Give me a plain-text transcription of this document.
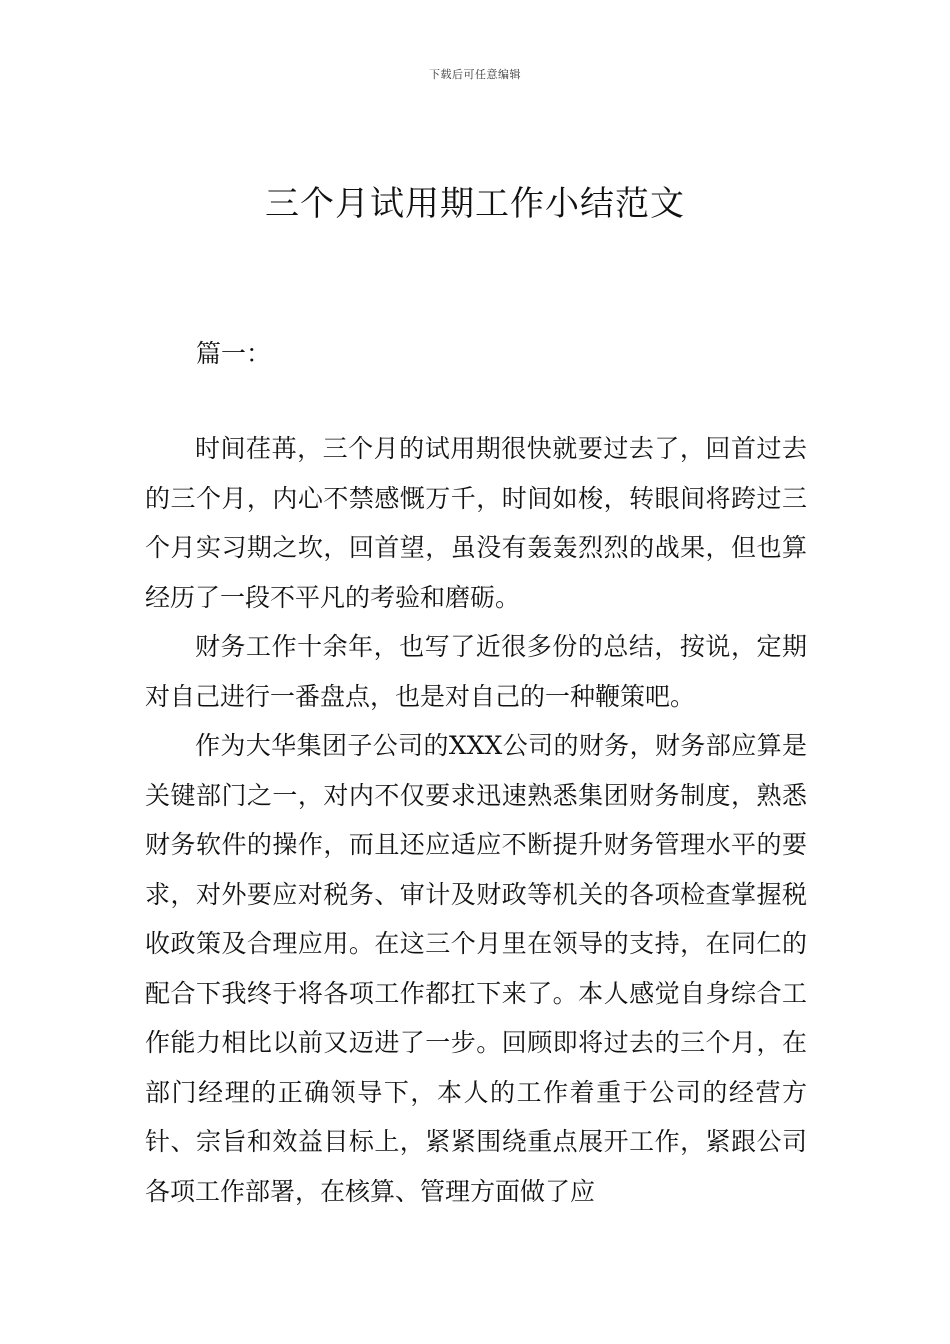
下载后可任意编辑
三个月试用期工作小结范文
篇一：

时间荏苒，三个月的试用期很快就要过去了，回首过去的三个月，内心不禁感慨万千，时间如梭，转眼间将跨过三个月实习期之坎，回首望，虽没有轰轰烈烈的战果，但也算经历了一段不平凡的考验和磨砺。

财务工作十余年，也写了近很多份的总结，按说，定期对自己进行一番盘点，也是对自己的一种鞭策吧。

作为大华集团子公司的XXX公司的财务，财务部应算是关键部门之一，对内不仅要求迅速熟悉集团财务制度，熟悉财务软件的操作，而且还应适应不断提升财务管理水平的要求，对外要应对税务、审计及财政等机关的各项检查掌握税收政策及合理应用。在这三个月里在领导的支持，在同仁的配合下我终于将各项工作都扛下来了。本人感觉自身综合工作能力相比以前又迈进了一步。回顾即将过去的三个月，在部门经理的正确领导下，本人的工作着重于公司的经营方针、宗旨和效益目标上，紧紧围绕重点展开工作，紧跟公司各项工作部署，在核算、管理方面做了应
